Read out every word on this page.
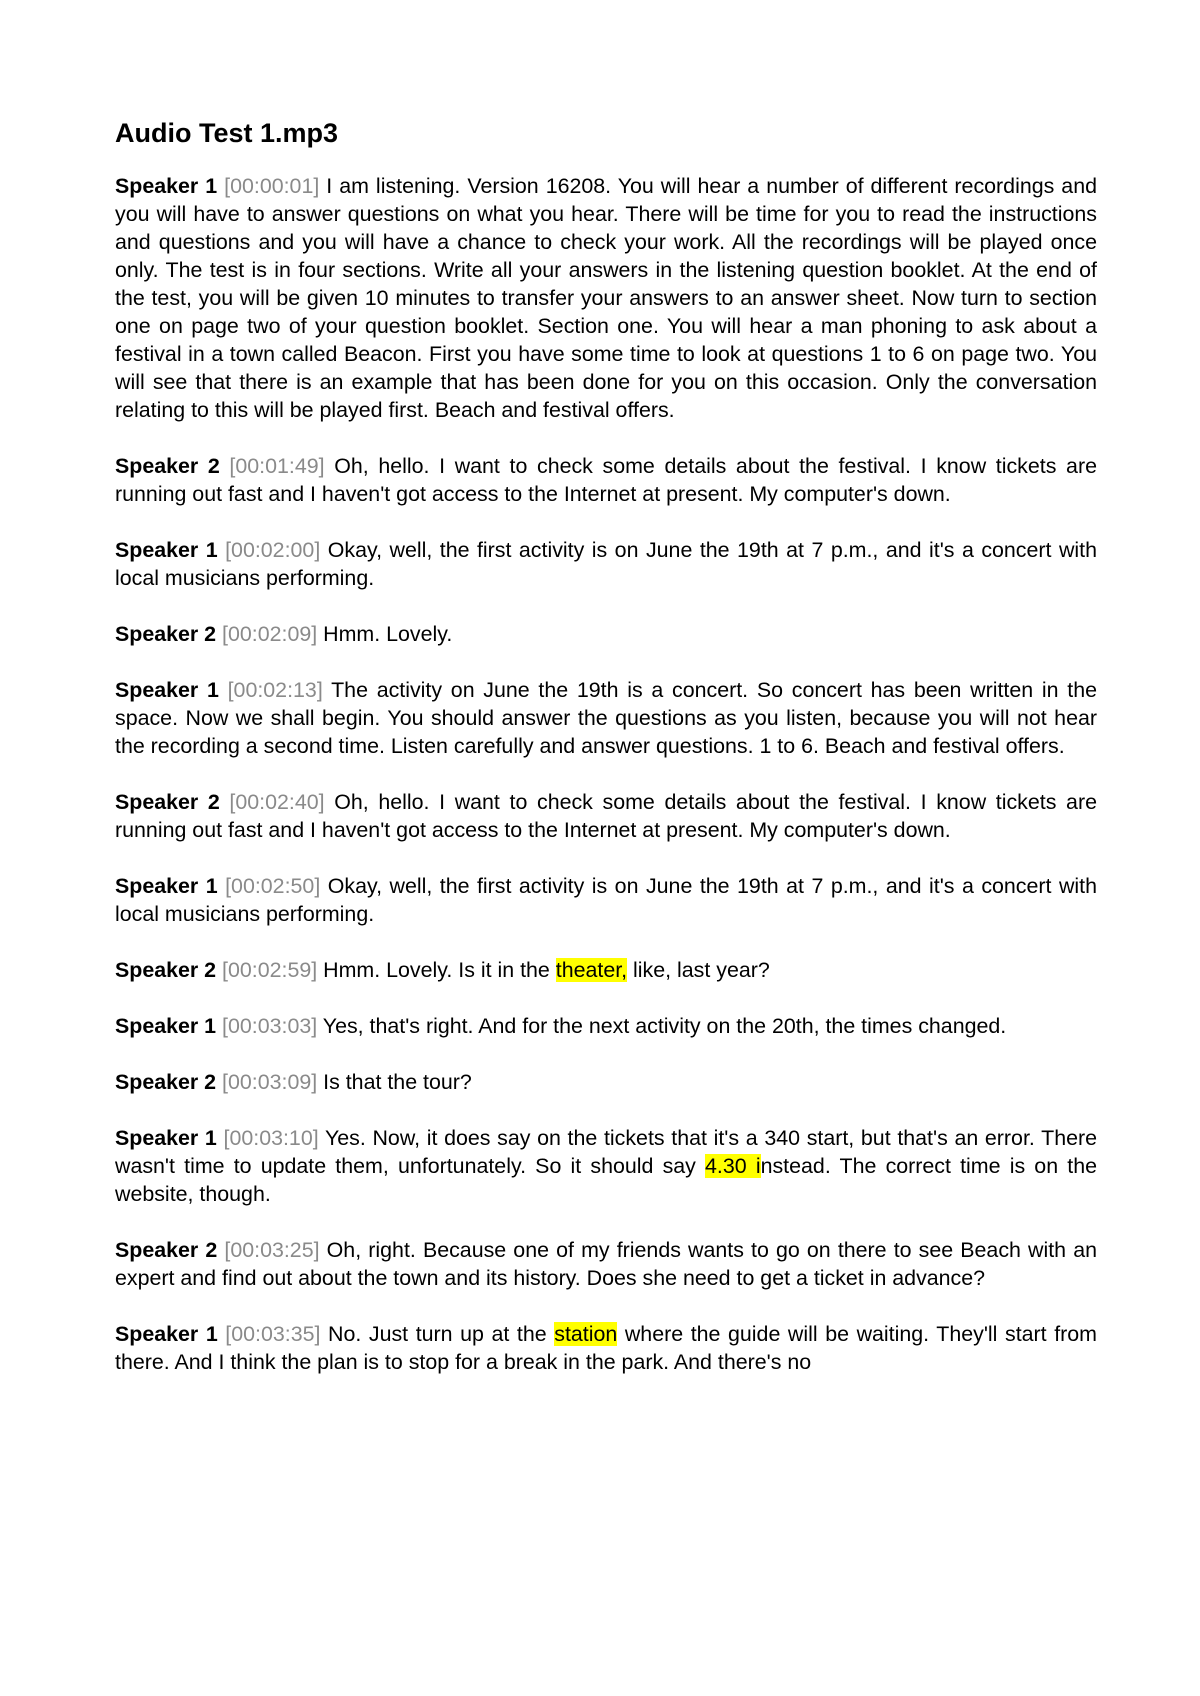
Audio Test 1.mp3

Speaker 1 [00:00:01] I am listening. Version 16208. You will hear a number of different recordings and you will have to answer questions on what you hear. There will be time for you to read the instructions and questions and you will have a chance to check your work. All the recordings will be played once only. The test is in four sections. Write all your answers in the listening question booklet. At the end of the test, you will be given 10 minutes to transfer your answers to an answer sheet. Now turn to section one on page two of your question booklet. Section one. You will hear a man phoning to ask about a festival in a town called Beacon. First you have some time to look at questions 1 to 6 on page two. You will see that there is an example that has been done for you on this occasion. Only the conversation relating to this will be played first. Beach and festival offers.

Speaker 2 [00:01:49] Oh, hello. I want to check some details about the festival. I know tickets are running out fast and I haven't got access to the Internet at present. My computer's down.

Speaker 1 [00:02:00] Okay, well, the first activity is on June the 19th at 7 p.m., and it's a concert with local musicians performing.

Speaker 2 [00:02:09] Hmm. Lovely.

Speaker 1 [00:02:13] The activity on June the 19th is a concert. So concert has been written in the space. Now we shall begin. You should answer the questions as you listen, because you will not hear the recording a second time. Listen carefully and answer questions. 1 to 6. Beach and festival offers.

Speaker 2 [00:02:40] Oh, hello. I want to check some details about the festival. I know tickets are running out fast and I haven't got access to the Internet at present. My computer's down.

Speaker 1 [00:02:50] Okay, well, the first activity is on June the 19th at 7 p.m., and it's a concert with local musicians performing.

Speaker 2 [00:02:59] Hmm. Lovely. Is it in the theater, like, last year?

Speaker 1 [00:03:03] Yes, that's right. And for the next activity on the 20th, the times changed.

Speaker 2 [00:03:09] Is that the tour?

Speaker 1 [00:03:10] Yes. Now, it does say on the tickets that it's a 340 start, but that's an error. There wasn't time to update them, unfortunately. So it should say 4.30 instead. The correct time is on the website, though.

Speaker 2 [00:03:25] Oh, right. Because one of my friends wants to go on there to see Beach with an expert and find out about the town and its history. Does she need to get a ticket in advance?

Speaker 1 [00:03:35] No. Just turn up at the station where the guide will be waiting. They'll start from there. And I think the plan is to stop for a break in the park. And there's no
